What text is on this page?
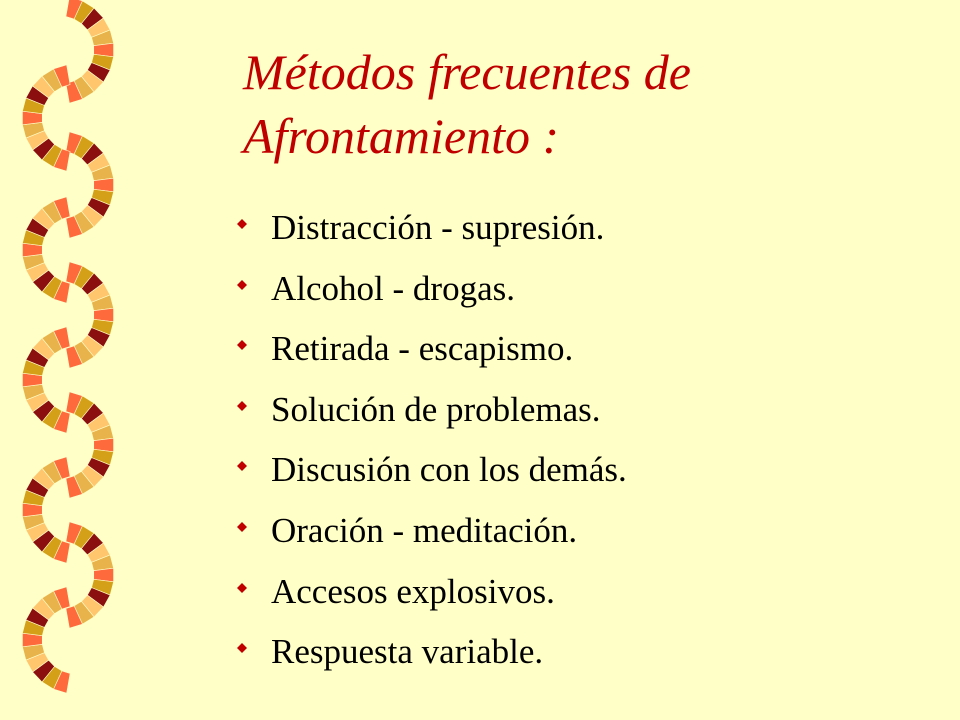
Métodos frecuentes de
Afrontamiento :
Distracción - supresión.
Alcohol - drogas.
Retirada - escapismo.
Solución de problemas.
Discusión con los demás.
Oración - meditación.
Accesos explosivos.
Respuesta variable.
